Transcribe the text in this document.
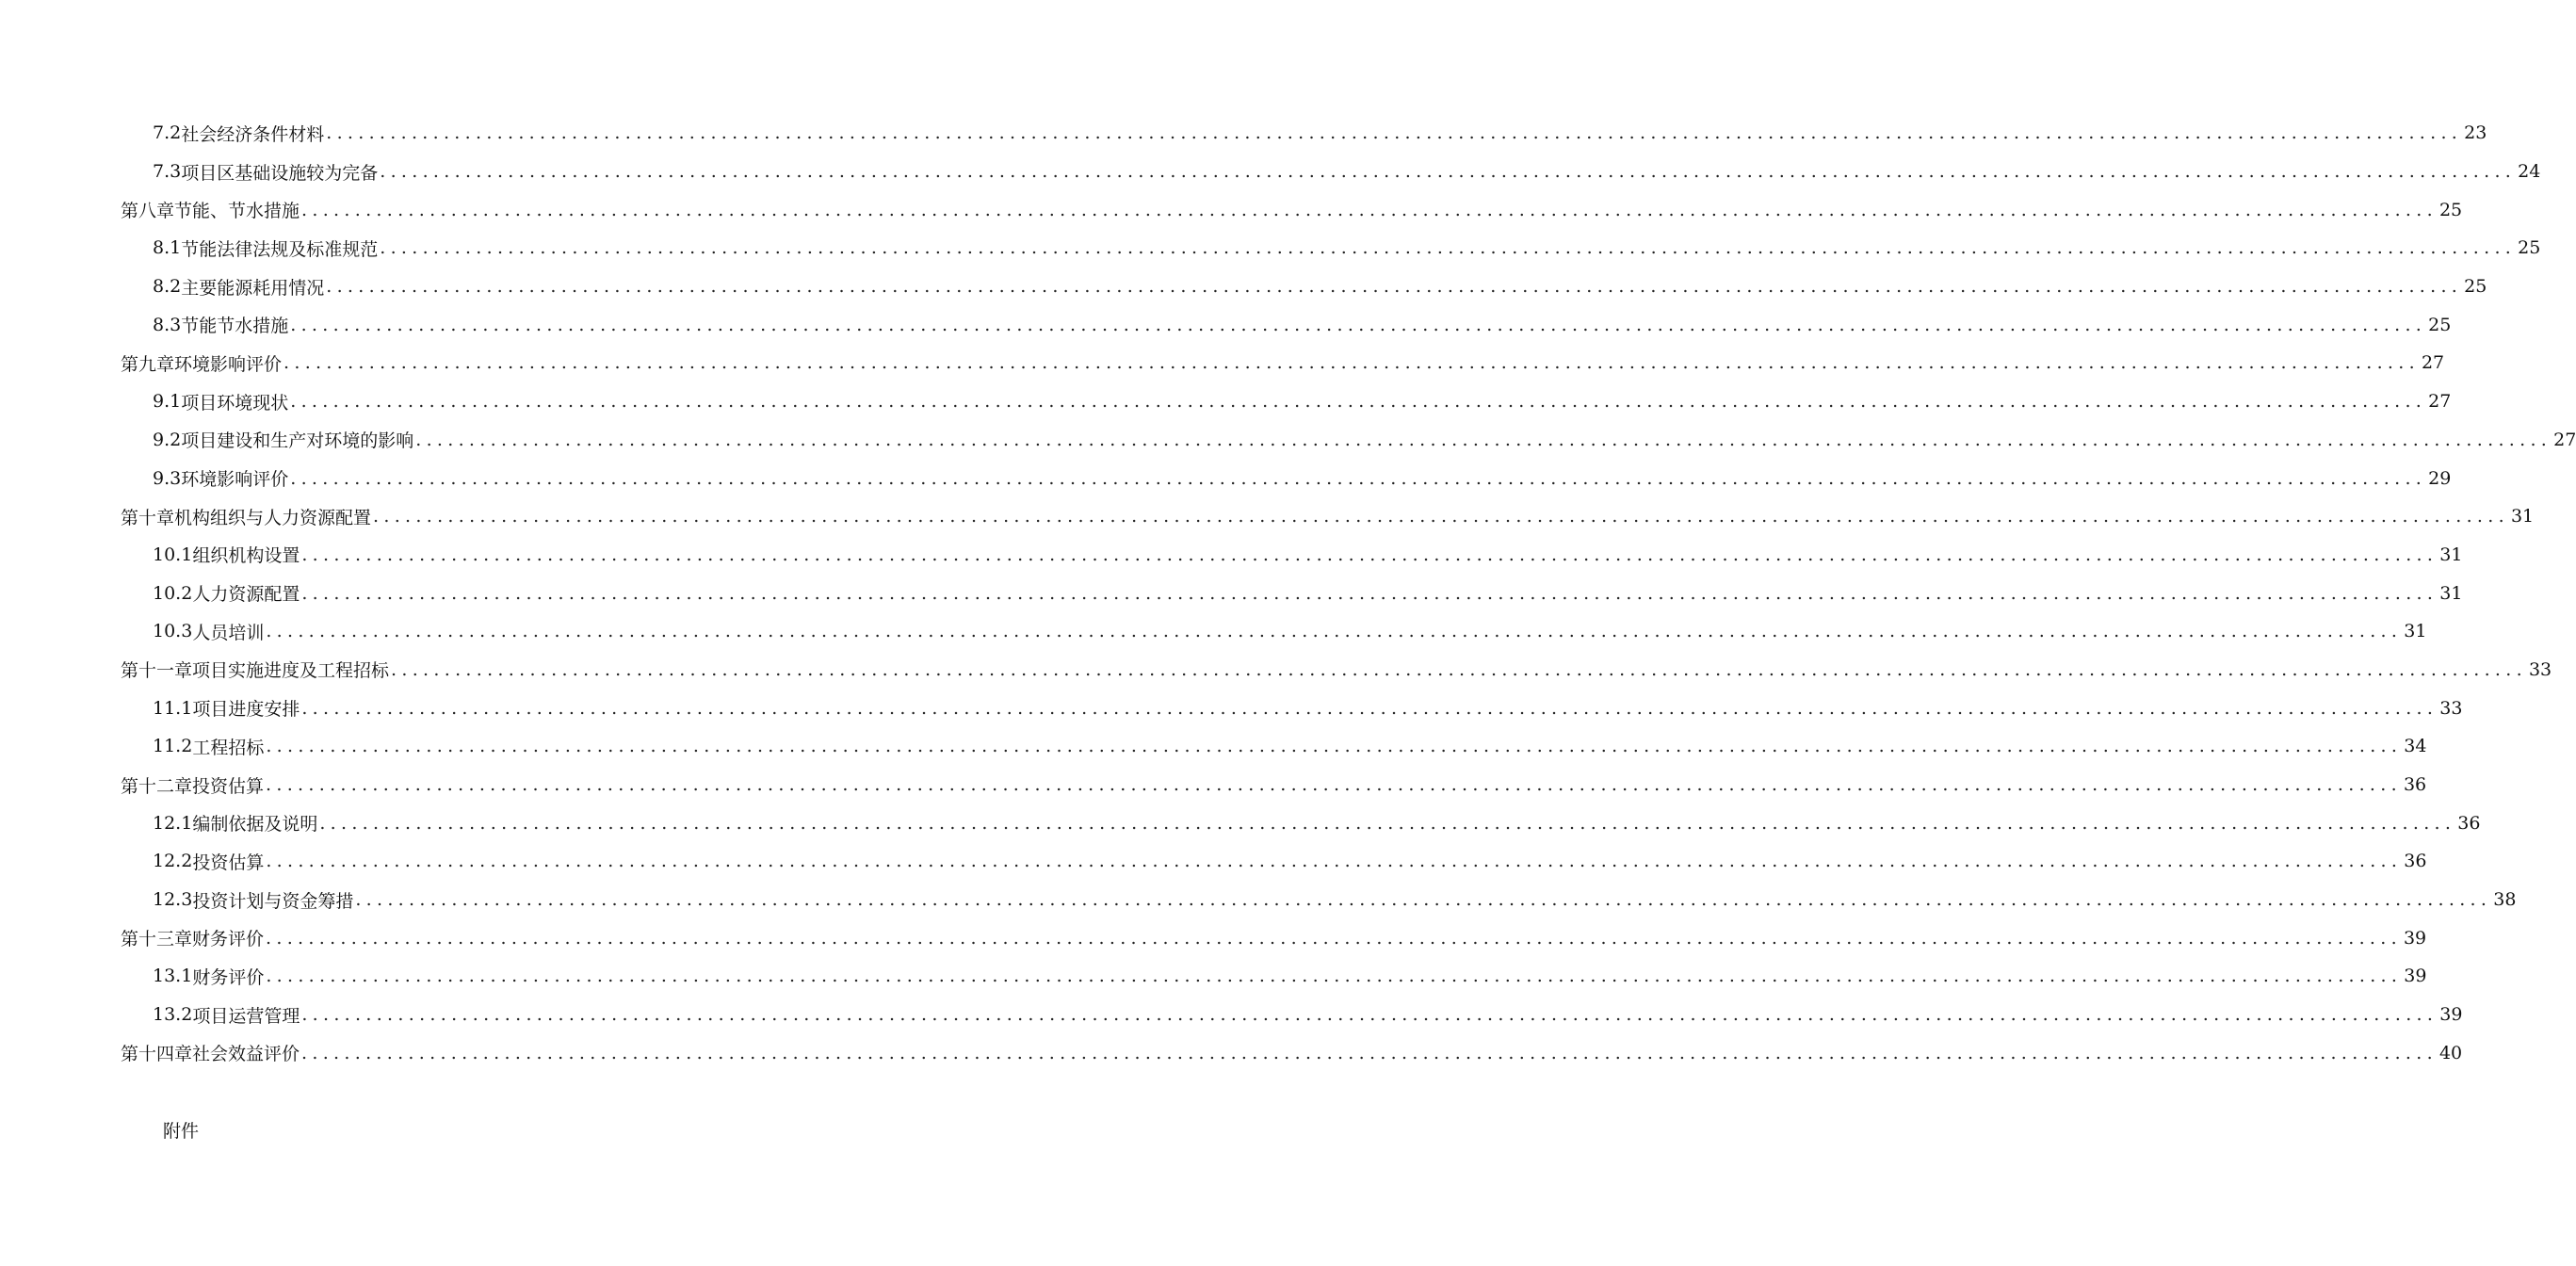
7.2 社会经济条件材料 ........................................................................................................................................................................................................ 23
7.3 项目区基础设施较为完备 ........................................................................................................................................................................................................ 24
第八章 节能、节水措施 ........................................................................................................................................................................................................ 25
8.1 节能法律法规及标准规范 ........................................................................................................................................................................................................ 25
8.2 主要能源耗用情况 ........................................................................................................................................................................................................ 25
8.3 节能节水措施 ........................................................................................................................................................................................................ 25
第九章 环境影响评价 ........................................................................................................................................................................................................ 27
9.1 项目环境现状 ........................................................................................................................................................................................................ 27
9.2 项目建设和生产对环境的影响 ........................................................................................................................................................................................................ 27
9.3 环境影响评价 ........................................................................................................................................................................................................ 29
第十章 机构组织与人力资源配置 ........................................................................................................................................................................................................ 31
10.1 组织机构设置 ........................................................................................................................................................................................................ 31
10.2 人力资源配置 ........................................................................................................................................................................................................ 31
10.3 人员培训 ........................................................................................................................................................................................................ 31
第十一章 项目实施进度及工程招标 ........................................................................................................................................................................................................ 33
11.1 项目进度安排 ........................................................................................................................................................................................................ 33
11.2 工程招标 ........................................................................................................................................................................................................ 34
第十二章 投资估算 ........................................................................................................................................................................................................ 36
12.1 编制依据及说明 ........................................................................................................................................................................................................ 36
12.2 投资估算 ........................................................................................................................................................................................................ 36
12.3 投资计划与资金筹措 ........................................................................................................................................................................................................ 38
第十三章 财务评价 ........................................................................................................................................................................................................ 39
13.1 财务评价 ........................................................................................................................................................................................................ 39
13.2 项目运营管理 ........................................................................................................................................................................................................ 39
第十四章 社会效益评价 ........................................................................................................................................................................................................ 40
附件
